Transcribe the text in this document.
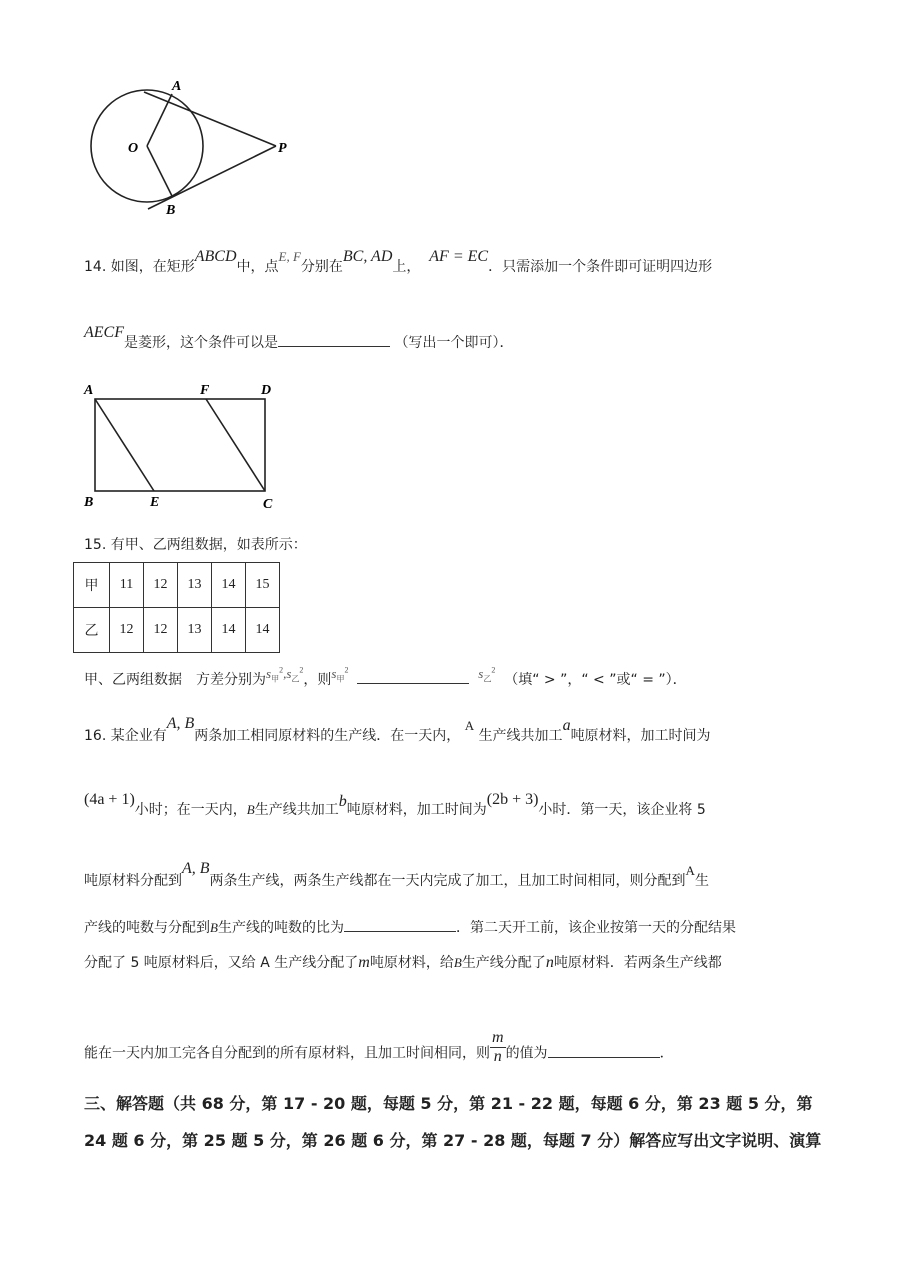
A
O	P
B
14. 如图，在矩形ABCD中，点E, F分别在BC, AD上，  AF = EC．只需添加一个条件即可证明四边形
AECF是菱形，这个条件可以是	（写出一个即可）．
A	F	D
B	E	C
15. 有甲、乙两组数据，如表所示：
甲	11	12	13	14	15
乙	12	12	13	14	14
甲、乙两组数据　方差分别为$s_甲^2,s_乙^2$，则$s_甲^2$	$s_乙^2$  （填“ > ”，“ < ”或“ = ”）．
16. 某企业有A, B两条加工相同原材料的生产线．在一天内， A 生产线共加工a吨原材料，加工时间为
(4a + 1)小时；在一天内，B生产线共加工b吨原材料，加工时间为(2b + 3)小时．第一天，该企业将 5
吨原材料分配到A, B两条生产线，两条生产线都在一天内完成了加工，且加工时间相同，则分配到A生
产线的吨数与分配到B生产线的吨数的比为	．第二天开工前，该企业按第一天的分配结果
分配了 5 吨原材料后，又给 A 生产线分配了m吨原材料，给B生产线分配了n吨原材料．若两条生产线都
能在一天内加工完各自分配到的所有原材料，且加工时间相同，则 $\frac{m}{n}$ 的值为	．
三、解答题（共 68 分，第 17 - 20 题，每题 5 分，第 21 - 22 题，每题 6 分，第 23 题 5 分，第
24 题 6 分，第 25 题 5 分，第 26 题 6 分，第 27 - 28 题，每题 7 分）解答应写出文字说明、演算
